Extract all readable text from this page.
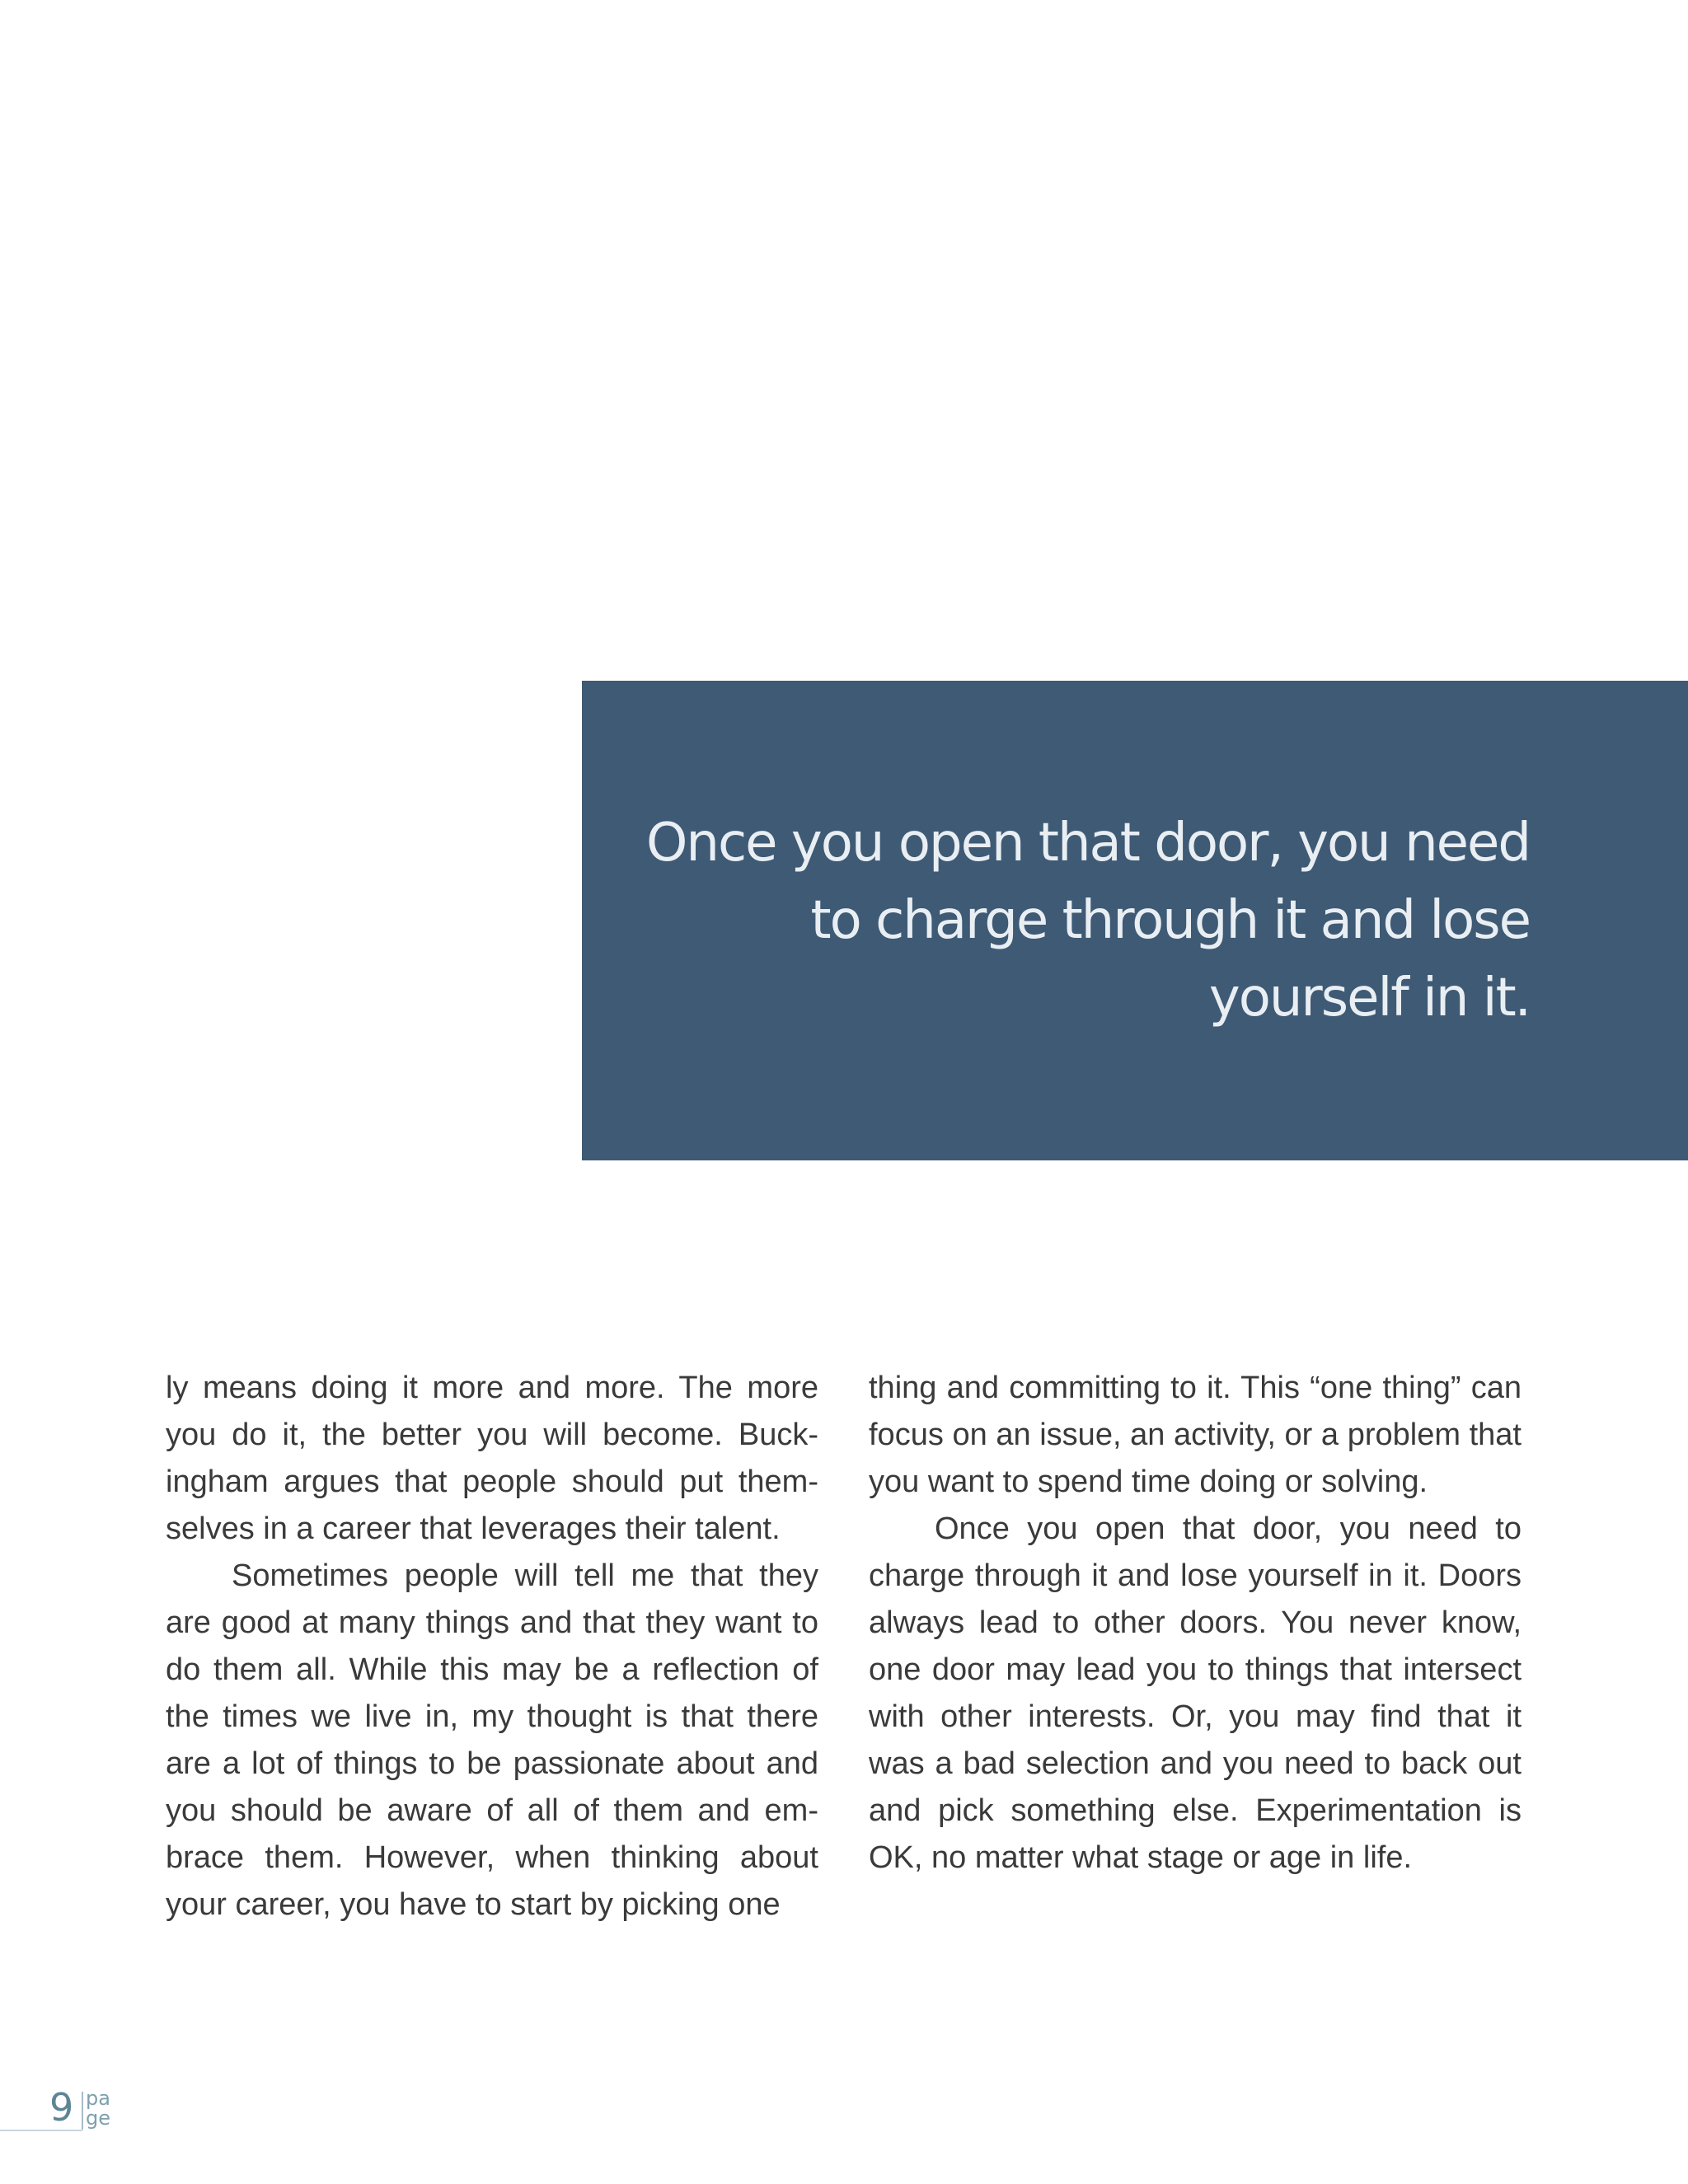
Once you open that door, you need
to charge through it and lose
yourself in it.

ly means doing it more and more. The more you do it, the better you will become. Buckingham argues that people should put themselves in a career that leverages their talent.

Sometimes people will tell me that they are good at many things and that they want to do them all. While this may be a reflection of the times we live in, my thought is that there are a lot of things to be passionate about and you should be aware of all of them and embrace them. However, when thinking about your career, you have to start by picking one

thing and committing to it. This “one thing” can focus on an issue, an activity, or a problem that you want to spend time doing or solving.

Once you open that door, you need to charge through it and lose yourself in it. Doors always lead to other doors. You never know, one door may lead you to things that intersect with other interests. Or, you may find that it was a bad selection and you need to back out and pick something else. Experimentation is OK, no matter what stage or age in life.

9 pa
ge
